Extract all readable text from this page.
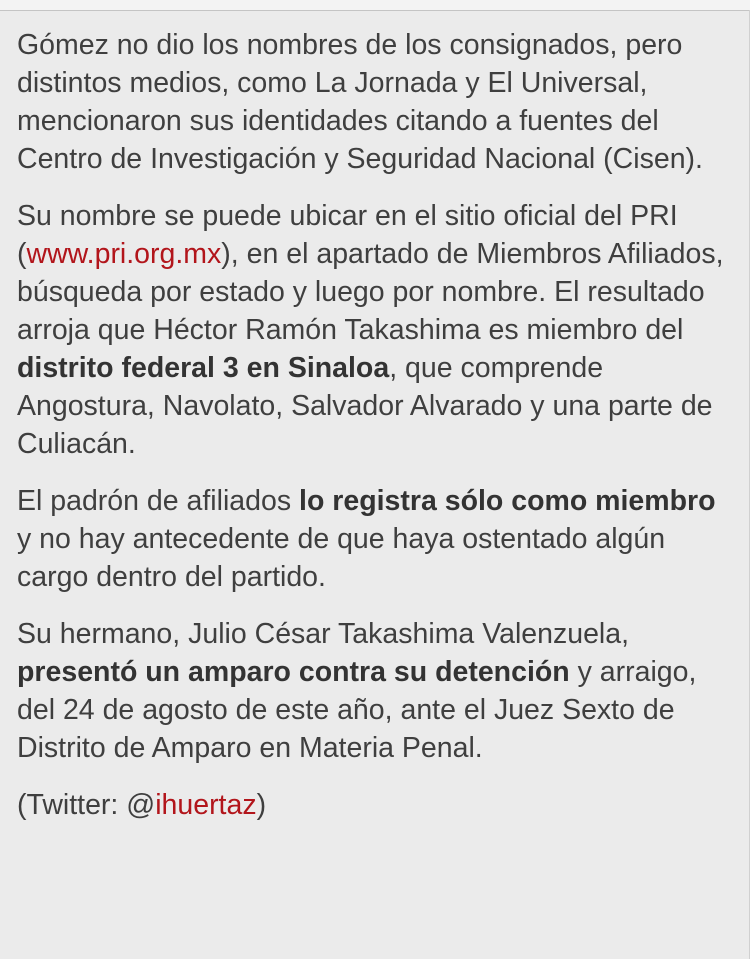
Gómez no dio los nombres de los consignados, pero distintos medios, como La Jornada y El Universal, mencionaron sus identidades citando a fuentes del Centro de Investigación y Seguridad Nacional (Cisen).

Su nombre se puede ubicar en el sitio oficial del PRI (www.pri.org.mx), en el apartado de Miembros Afiliados, búsqueda por estado y luego por nombre. El resultado arroja que Héctor Ramón Takashima es miembro del distrito federal 3 en Sinaloa, que comprende Angostura, Navolato, Salvador Alvarado y una parte de Culiacán.

El padrón de afiliados lo registra sólo como miembro y no hay antecedente de que haya ostentado algún cargo dentro del partido.

Su hermano, Julio César Takashima Valenzuela, presentó un amparo contra su detención y arraigo, del 24 de agosto de este año, ante el Juez Sexto de Distrito de Amparo en Materia Penal.

(Twitter: @ihuertaz)
